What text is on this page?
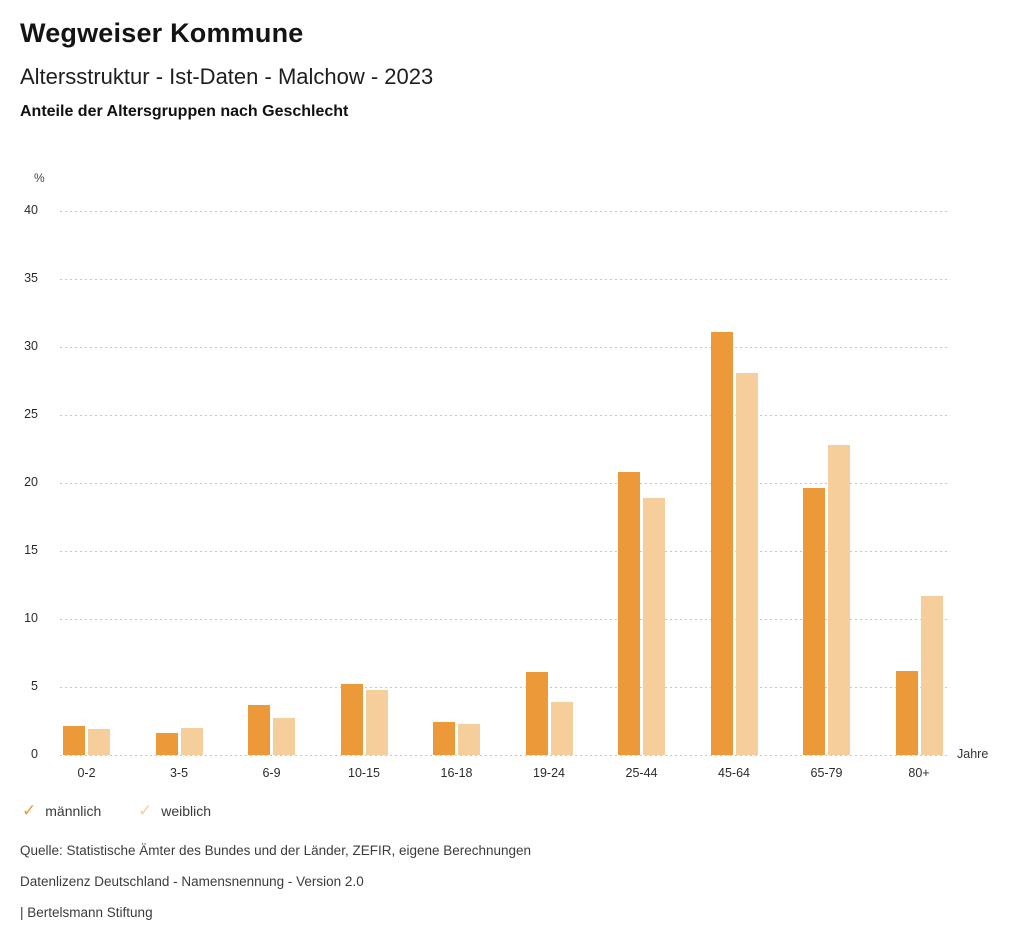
Wegweiser Kommune
Altersstruktur - Ist-Daten - Malchow - 2023
Anteile der Altersgruppen nach Geschlecht
%
0
5
10
15
20
25
30
35
40
0-2	3-5	6-9	10-15	16-18	19-24	25-44	45-64	65-79	80+
Jahre
✓ männlich ✓ weiblich
Quelle: Statistische Ämter des Bundes und der Länder, ZEFIR, eigene Berechnungen
Datenlizenz Deutschland - Namensnennung - Version 2.0
| Bertelsmann Stiftung
